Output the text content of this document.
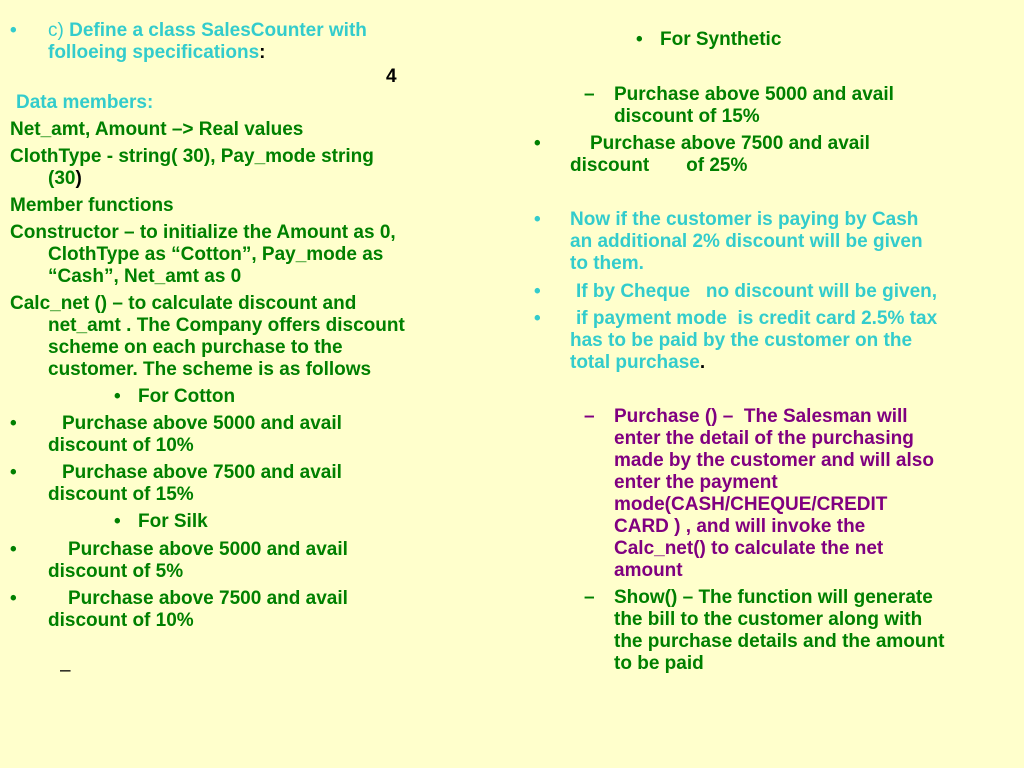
• c) Define a class SalesCounter with
folloeing specifications:
4
Data members:
Net_amt, Amount –> Real values
ClothType - string( 30), Pay_mode string
(30)
Member functions
Constructor – to initialize the Amount as 0,
ClothType as “Cotton”, Pay_mode as
“Cash”, Net_amt as 0
Calc_net () – to calculate discount and
net_amt . The Company offers discount
scheme on each purchase to the
customer. The scheme is as follows
• For Cotton
• Purchase above 5000 and avail
discount of 10%
• Purchase above 7500 and avail
discount of 15%
• For Silk
•	Purchase above 5000 and avail
discount of 5%
•	Purchase above 7500 and avail
discount of 10%
–
• For Synthetic
– Purchase above 5000 and avail
discount of 15%
•	Purchase above 7500 and avail
discount       of 25%
• Now if the customer is paying by Cash
an additional 2% discount will be given
to them.
• If by Cheque   no discount will be given,
• if payment mode  is credit card 2.5% tax
has to be paid by the customer on the
total purchase.
– Purchase () –  The Salesman will
enter the detail of the purchasing
made by the customer and will also
enter the payment
mode(CASH/CHEQUE/CREDIT
CARD ) , and will invoke the
Calc_net() to calculate the net
amount
– Show() – The function will generate
the bill to the customer along with
the purchase details and the amount
to be paid
